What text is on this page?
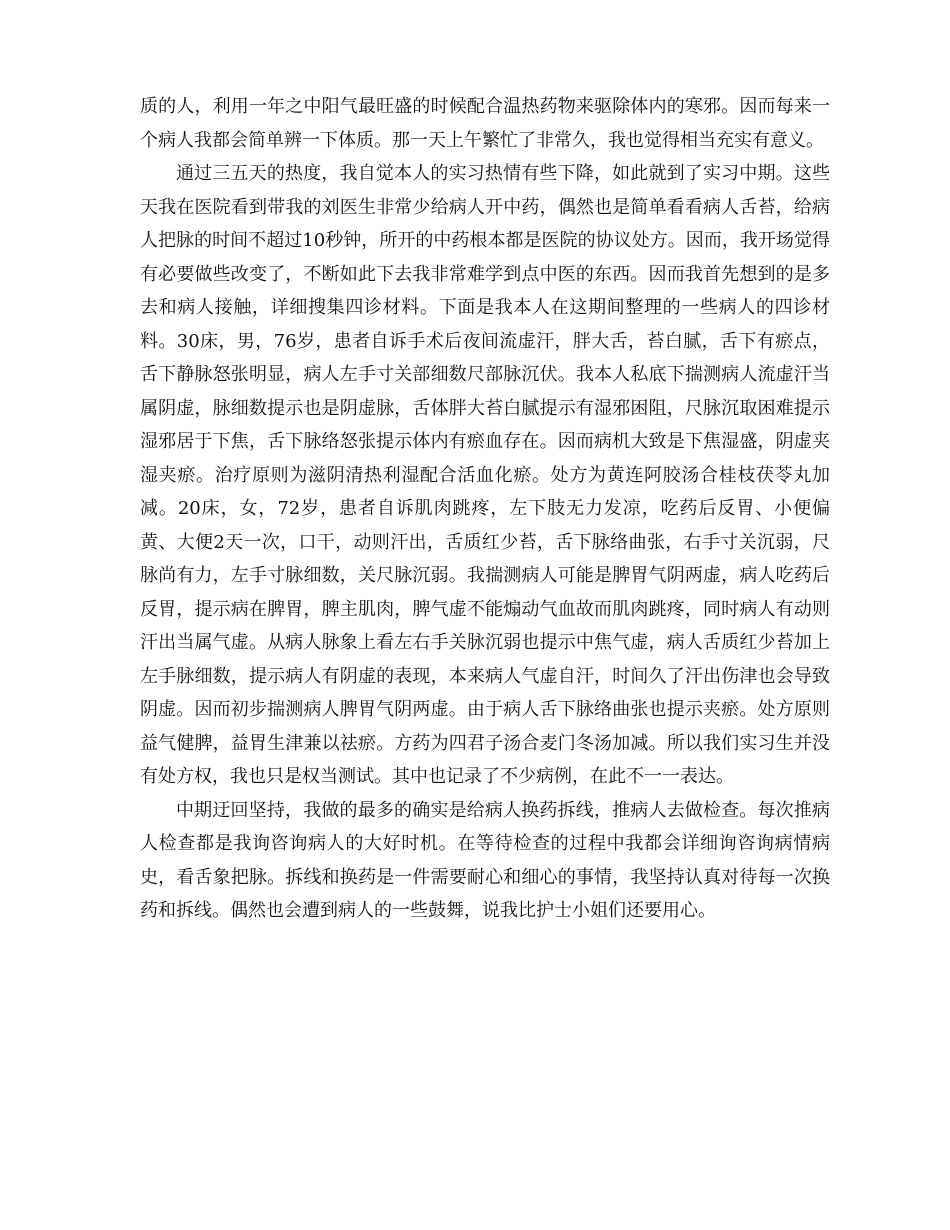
质的人，利用一年之中阳气最旺盛的时候配合温热药物来驱除体内的寒邪。因而每来一个病人我都会简单辨一下体质。那一天上午繁忙了非常久，我也觉得相当充实有意义。

通过三五天的热度，我自觉本人的实习热情有些下降，如此就到了实习中期。这些天我在医院看到带我的刘医生非常少给病人开中药，偶然也是简单看看病人舌苔，给病人把脉的时间不超过10秒钟，所开的中药根本都是医院的协议处方。因而，我开场觉得有必要做些改变了，不断如此下去我非常难学到点中医的东西。因而我首先想到的是多去和病人接触，详细搜集四诊材料。下面是我本人在这期间整理的一些病人的四诊材料。30床，男，76岁，患者自诉手术后夜间流虚汗，胖大舌，苔白腻，舌下有瘀点，舌下静脉怒张明显，病人左手寸关部细数尺部脉沉伏。我本人私底下揣测病人流虚汗当属阴虚，脉细数提示也是阴虚脉，舌体胖大苔白腻提示有湿邪困阻，尺脉沉取困难提示湿邪居于下焦，舌下脉络怒张提示体内有瘀血存在。因而病机大致是下焦湿盛，阴虚夹湿夹瘀。治疗原则为滋阴清热利湿配合活血化瘀。处方为黄连阿胶汤合桂枝茯苓丸加减。20床，女，72岁，患者自诉肌肉跳疼，左下肢无力发凉，吃药后反胃、小便偏黄、大便2天一次，口干，动则汗出，舌质红少苔，舌下脉络曲张，右手寸关沉弱，尺脉尚有力，左手寸脉细数，关尺脉沉弱。我揣测病人可能是脾胃气阴两虚，病人吃药后反胃，提示病在脾胃，脾主肌肉，脾气虚不能煽动气血故而肌肉跳疼，同时病人有动则汗出当属气虚。从病人脉象上看左右手关脉沉弱也提示中焦气虚，病人舌质红少苔加上左手脉细数，提示病人有阴虚的表现，本来病人气虚自汗，时间久了汗出伤津也会导致阴虚。因而初步揣测病人脾胃气阴两虚。由于病人舌下脉络曲张也提示夹瘀。处方原则益气健脾，益胃生津兼以祛瘀。方药为四君子汤合麦门冬汤加减。所以我们实习生并没有处方权，我也只是权当测试。其中也记录了不少病例，在此不一一表达。

中期迂回坚持，我做的最多的确实是给病人换药拆线，推病人去做检查。每次推病人检查都是我询咨询病人的大好时机。在等待检查的过程中我都会详细询咨询病情病史，看舌象把脉。拆线和换药是一件需要耐心和细心的事情，我坚持认真对待每一次换药和拆线。偶然也会遭到病人的一些鼓舞，说我比护士小姐们还要用心。
